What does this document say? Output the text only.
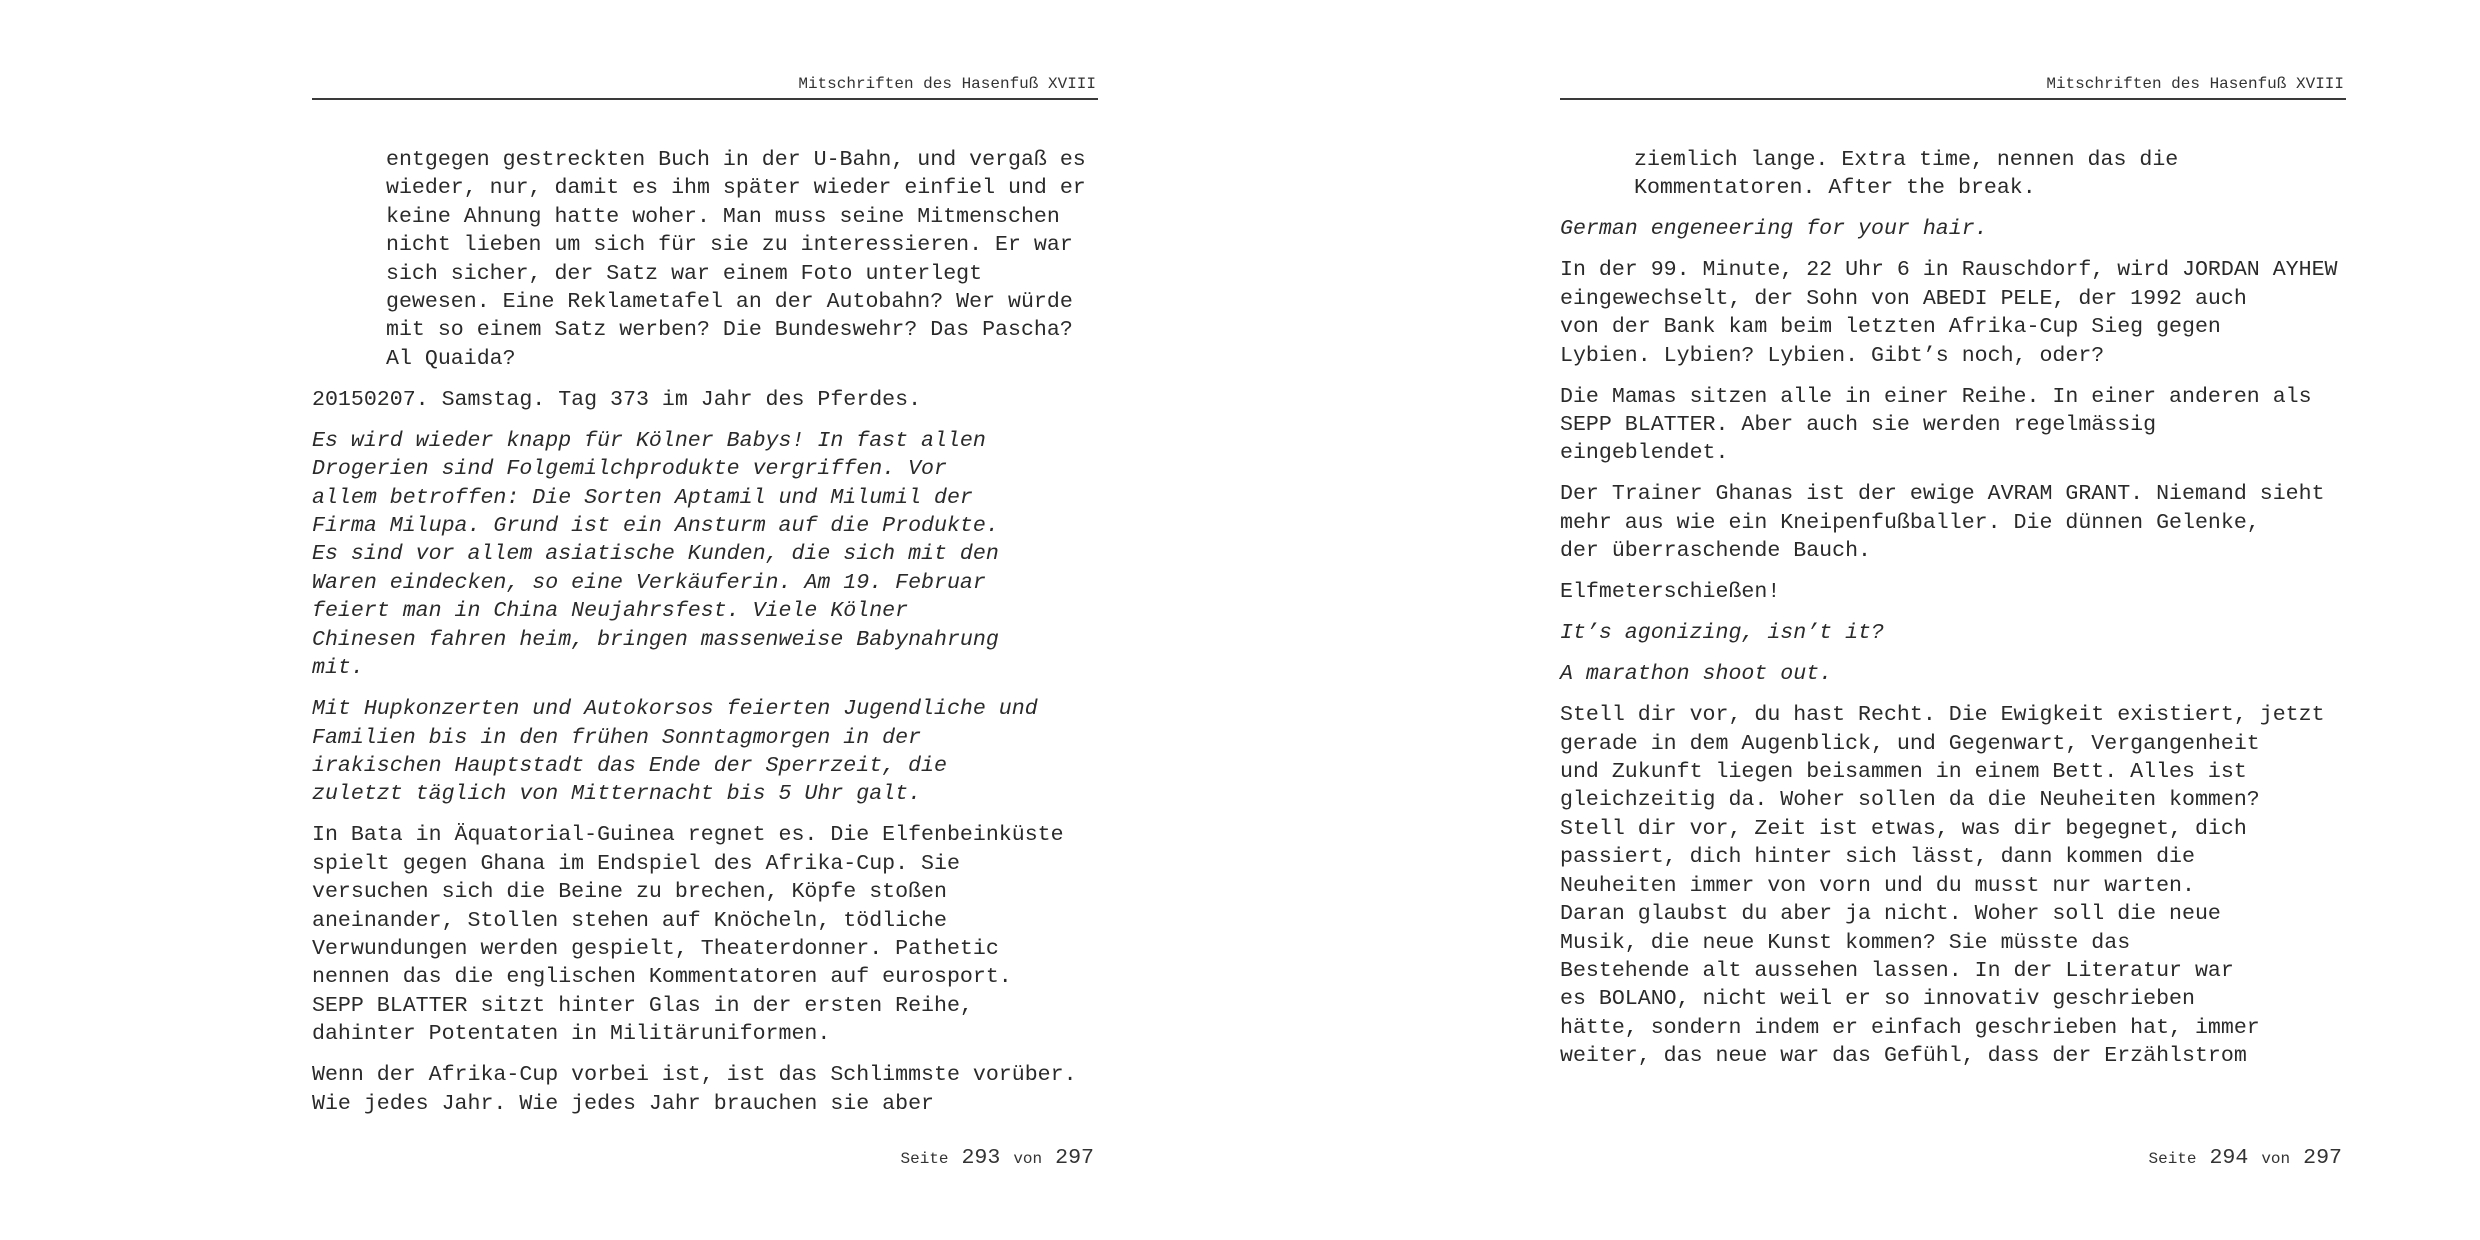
Mitschriften des Hasenfuß XVIII
entgegen gestreckten Buch in der U-Bahn, und vergaß es
wieder, nur, damit es ihm später wieder einfiel und er
keine Ahnung hatte woher. Man muss seine Mitmenschen
nicht lieben um sich für sie zu interessieren. Er war
sich sicher, der Satz war einem Foto unterlegt
gewesen. Eine Reklametafel an der Autobahn? Wer würde
mit so einem Satz werben? Die Bundeswehr? Das Pascha?
Al Quaida?
20150207. Samstag. Tag 373 im Jahr des Pferdes.
Es wird wieder knapp für Kölner Babys! In fast allen
Drogerien sind Folgemilchprodukte vergriffen. Vor
allem betroffen: Die Sorten Aptamil und Milumil der
Firma Milupa. Grund ist ein Ansturm auf die Produkte.
Es sind vor allem asiatische Kunden, die sich mit den
Waren eindecken, so eine Verkäuferin. Am 19. Februar
feiert man in China Neujahrsfest. Viele Kölner
Chinesen fahren heim, bringen massenweise Babynahrung
mit.
Mit Hupkonzerten und Autokorsos feierten Jugendliche und
Familien bis in den frühen Sonntagmorgen in der
irakischen Hauptstadt das Ende der Sperrzeit, die
zuletzt täglich von Mitternacht bis 5 Uhr galt.
In Bata in Äquatorial-Guinea regnet es. Die Elfenbeinküste
spielt gegen Ghana im Endspiel des Afrika-Cup. Sie
versuchen sich die Beine zu brechen, Köpfe stoßen
aneinander, Stollen stehen auf Knöcheln, tödliche
Verwundungen werden gespielt, Theaterdonner. Pathetic
nennen das die englischen Kommentatoren auf eurosport.
SEPP BLATTER sitzt hinter Glas in der ersten Reihe,
dahinter Potentaten in Militäruniformen.
Wenn der Afrika-Cup vorbei ist, ist das Schlimmste vorüber.
Wie jedes Jahr. Wie jedes Jahr brauchen sie aber
Seite 293 von 297
Mitschriften des Hasenfuß XVIII
ziemlich lange. Extra time, nennen das die
Kommentatoren. After the break.
German engeneering for your hair.
In der 99. Minute, 22 Uhr 6 in Rauschdorf, wird JORDAN AYHEW
eingewechselt, der Sohn von ABEDI PELE, der 1992 auch
von der Bank kam beim letzten Afrika-Cup Sieg gegen
Lybien. Lybien? Lybien. Gibt’s noch, oder?
Die Mamas sitzen alle in einer Reihe. In einer anderen als
SEPP BLATTER. Aber auch sie werden regelmässig
eingeblendet.
Der Trainer Ghanas ist der ewige AVRAM GRANT. Niemand sieht
mehr aus wie ein Kneipenfußballer. Die dünnen Gelenke,
der überraschende Bauch.
Elfmeterschießen!
It’s agonizing, isn’t it?
A marathon shoot out.
Stell dir vor, du hast Recht. Die Ewigkeit existiert, jetzt
gerade in dem Augenblick, und Gegenwart, Vergangenheit
und Zukunft liegen beisammen in einem Bett. Alles ist
gleichzeitig da. Woher sollen da die Neuheiten kommen?
Stell dir vor, Zeit ist etwas, was dir begegnet, dich
passiert, dich hinter sich lässt, dann kommen die
Neuheiten immer von vorn und du musst nur warten.
Daran glaubst du aber ja nicht. Woher soll die neue
Musik, die neue Kunst kommen? Sie müsste das
Bestehende alt aussehen lassen. In der Literatur war
es BOLANO, nicht weil er so innovativ geschrieben
hätte, sondern indem er einfach geschrieben hat, immer
weiter, das neue war das Gefühl, dass der Erzählstrom
Seite 294 von 297
